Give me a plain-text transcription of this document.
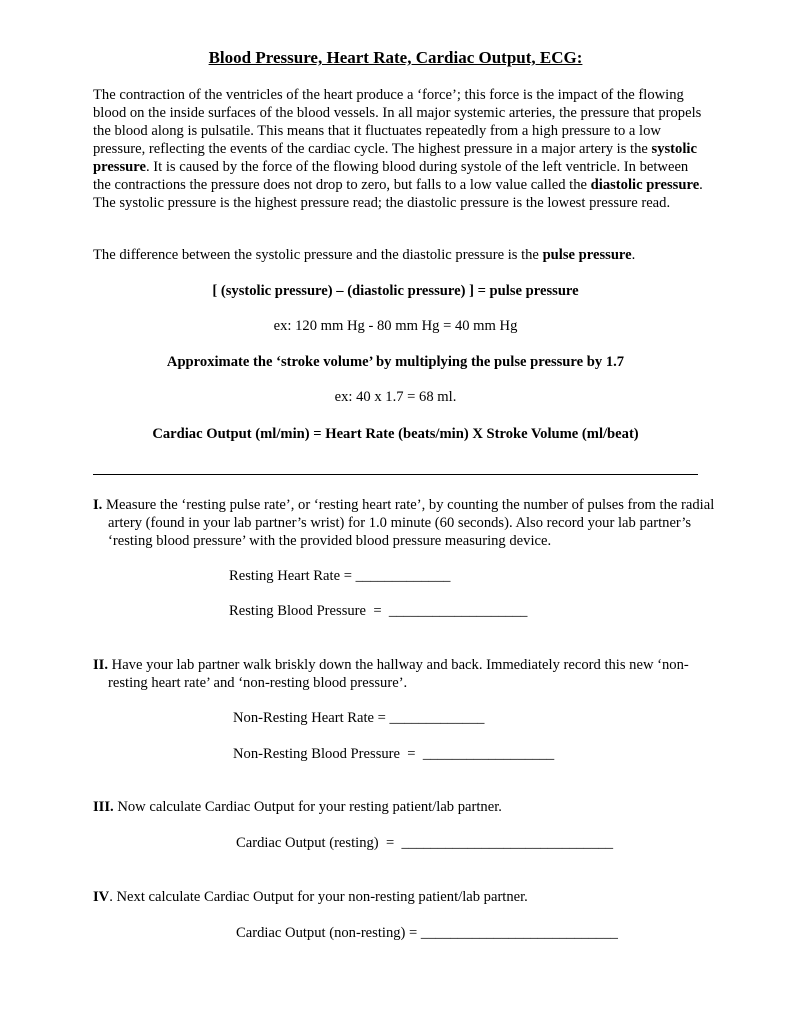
Blood Pressure, Heart Rate, Cardiac Output, ECG:
The contraction of the ventricles of the heart produce a ‘force’; this force is the impact of the flowing blood on the inside surfaces of the blood vessels. In all major systemic arteries, the pressure that propels the blood along is pulsatile. This means that it fluctuates repeatedly from a high pressure to a low pressure, reflecting the events of the cardiac cycle. The highest pressure in a major artery is the systolic pressure. It is caused by the force of the flowing blood during systole of the left ventricle. In between the contractions the pressure does not drop to zero, but falls to a low value called the diastolic pressure. The systolic pressure is the highest pressure read; the diastolic pressure is the lowest pressure read.
The difference between the systolic pressure and the diastolic pressure is the pulse pressure.
[ (systolic pressure) – (diastolic pressure) ] = pulse pressure
ex: 120 mm Hg - 80 mm Hg = 40 mm Hg
Approximate the ‘stroke volume’ by multiplying the pulse pressure by 1.7
ex: 40 x 1.7 = 68 ml.
Cardiac Output (ml/min) = Heart Rate (beats/min) X Stroke Volume (ml/beat)
I. Measure the ‘resting pulse rate’, or ‘resting heart rate’, by counting the number of pulses from the radial artery (found in your lab partner’s wrist) for 1.0 minute (60 seconds). Also record your lab partner’s ‘resting blood pressure’ with the provided blood pressure measuring device.
Resting Heart Rate = _____________
Resting Blood Pressure  =  ___________________
II. Have your lab partner walk briskly down the hallway and back. Immediately record this new ‘non-resting heart rate’ and ‘non-resting blood pressure’.
Non-Resting Heart Rate = _____________
Non-Resting Blood Pressure  =  __________________
III. Now calculate Cardiac Output for your resting patient/lab partner.
Cardiac Output (resting)  =  _____________________________
IV. Next calculate Cardiac Output for your non-resting patient/lab partner.
Cardiac Output (non-resting) = ___________________________
